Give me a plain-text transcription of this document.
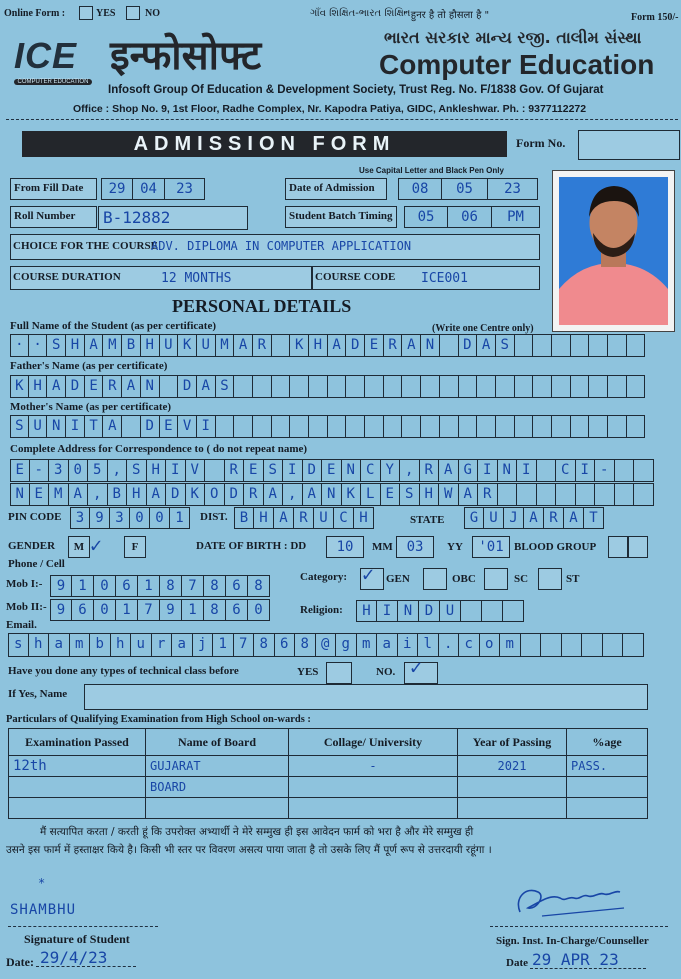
Online Form :	YES	NO	ગાંઁવ શિક્ષિત-ભારત શિક્ષિત
" हुनर है तो हौसला है "	Form 150/-
ICE
COMPUTER EDUCATION
इन्फोसोफ्ट	ભારત સરકાર માન્ય રજી. તાલીમ સંસ્થા
Computer Education
Infosoft Group Of Education & Development Society, Trust Reg. No. F/1838 Gov. Of Gujarat
Office : Shop No. 9, 1st Floor, Radhe Complex, Nr. Kapodra Patiya, GIDC, Ankleshwar. Ph. : 9377112272
ADMISSION FORM	Form No.
Use Capital Letter and Black Pen Only
From Fill Date	29	04	23	Date of Admission	08	05	23
Roll Number	B-12882	Student Batch Timing	05	06	PM
CHOICE FOR THE COURSE
ADV. DIPLOMA IN COMPUTER APPLICATION
COURSE DURATION	12 MONTHS	COURSE CODE ICE001
PERSONAL DETAILS
Full Name of the Student (as per certificate)	(Write one Centre only)
· · S H A M B H U K U M A R	K H A D E R A N	D A S
Father's Name (as per certificate)
K H A D E R A N	D A S
Mother's Name (as per certificate)
S U N I T A	D E V I
Complete Address for Correspondence to ( do not repeat name)
E - 3 0 5 , S H I V	R E S I D E N C Y , R A G I N I	C I -
N E M A , B H A D K O D R A , A N K L E S H W A R
PIN CODE	3 9 3 0 0 1	DIST. B H A R U C H	STATE	G U J A R A T
GENDER	M ✓	F	DATE OF BIRTH : DD	10	MM 03	YY	'01 BLOOD GROUP
Phone / Cell
Mob I:-	9 1 0 6 1 8 7 8 6 8
Mob II:- 9 6 0 1 7 9 1 8 6 0
Category: ✓ GEN	OBC	SC	ST
Religion:	H I N D U
Email.
s h a m b h u r a j 1 7 8 6 8 @ g m a i l . c o m
Have you done any types of technical class before	YES	NO. ✓
If Yes, Name
Particulars of Qualifying Examination from High School on-wards :
Examination Passed	Name of Board	Collage/ University	Year of Passing	%age
12th	GUJARAT	-	2021	PASS.
	BOARD			

मैं सत्यापित करता / करती हूं कि उपरोक्त अभ्यार्थी ने मेरे सम्मुख ही इस आवेदन फार्म को भरा है और मेरे सम्मुख ही
उसने इस फार्म में हस्ताक्षर किये है। किसी भी स्तर पर विवरण असत्य पाया जाता है तो उसके लिए मैं पूर्ण रूप से उत्तरदायी रहूंगा ।
*
SHAMBHU
Signature of Student
Date: 29/4/23
Sign. Inst. In-Charge/Counseller
Date 29 APR 23
